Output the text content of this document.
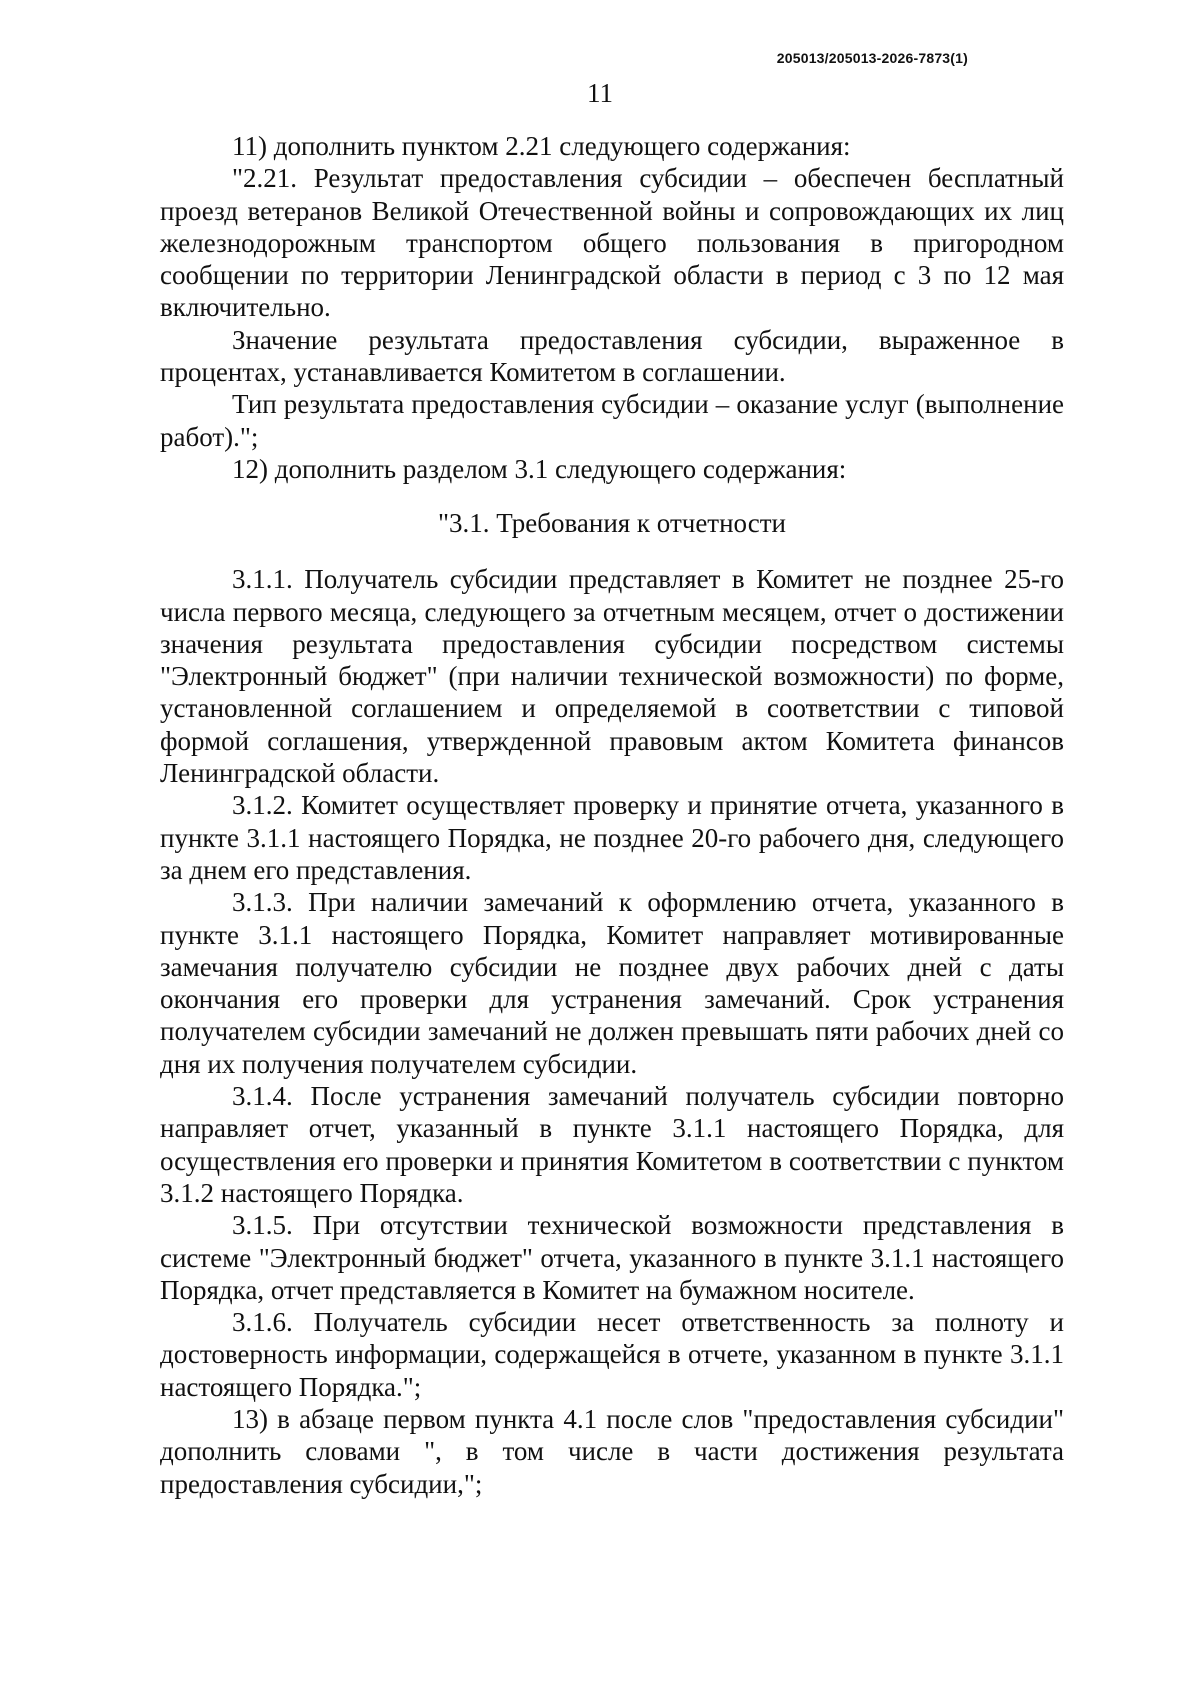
205013/205013-2026-7873(1)
11

11) дополнить пунктом 2.21 следующего содержания:

"2.21. Результат предоставления субсидии – обеспечен бесплатный проезд ветеранов Великой Отечественной войны и сопровождающих их лиц железнодорожным транспортом общего пользования в пригородном сообщении по территории Ленинградской области в период с 3 по 12 мая включительно.

Значение результата предоставления субсидии, выраженное в процентах, устанавливается Комитетом в соглашении.

Тип результата предоставления субсидии – оказание услуг (выполнение работ).";

12) дополнить разделом 3.1 следующего содержания:

"3.1. Требования к отчетности

3.1.1. Получатель субсидии представляет в Комитет не позднее 25-го числа первого месяца, следующего за отчетным месяцем, отчет о достижении значения результата предоставления субсидии посредством системы "Электронный бюджет" (при наличии технической возможности) по форме, установленной соглашением и определяемой в соответствии с типовой формой соглашения, утвержденной правовым актом Комитета финансов Ленинградской области.

3.1.2. Комитет осуществляет проверку и принятие отчета, указанного в пункте 3.1.1 настоящего Порядка, не позднее 20-го рабочего дня, следующего за днем его представления.

3.1.3. При наличии замечаний к оформлению отчета, указанного в пункте 3.1.1 настоящего Порядка, Комитет направляет мотивированные замечания получателю субсидии не позднее двух рабочих дней с даты окончания его проверки для устранения замечаний. Срок устранения получателем субсидии замечаний не должен превышать пяти рабочих дней со дня их получения получателем субсидии.

3.1.4. После устранения замечаний получатель субсидии повторно направляет отчет, указанный в пункте 3.1.1 настоящего Порядка, для осуществления его проверки и принятия Комитетом в соответствии с пунктом 3.1.2 настоящего Порядка.

3.1.5. При отсутствии технической возможности представления в системе "Электронный бюджет" отчета, указанного в пункте 3.1.1 настоящего Порядка, отчет представляется в Комитет на бумажном носителе.

3.1.6. Получатель субсидии несет ответственность за полноту и достоверность информации, содержащейся в отчете, указанном в пункте 3.1.1 настоящего Порядка.";

13) в абзаце первом пункта 4.1 после слов "предоставления субсидии" дополнить словами ", в том числе в части достижения результата предоставления субсидии,";
